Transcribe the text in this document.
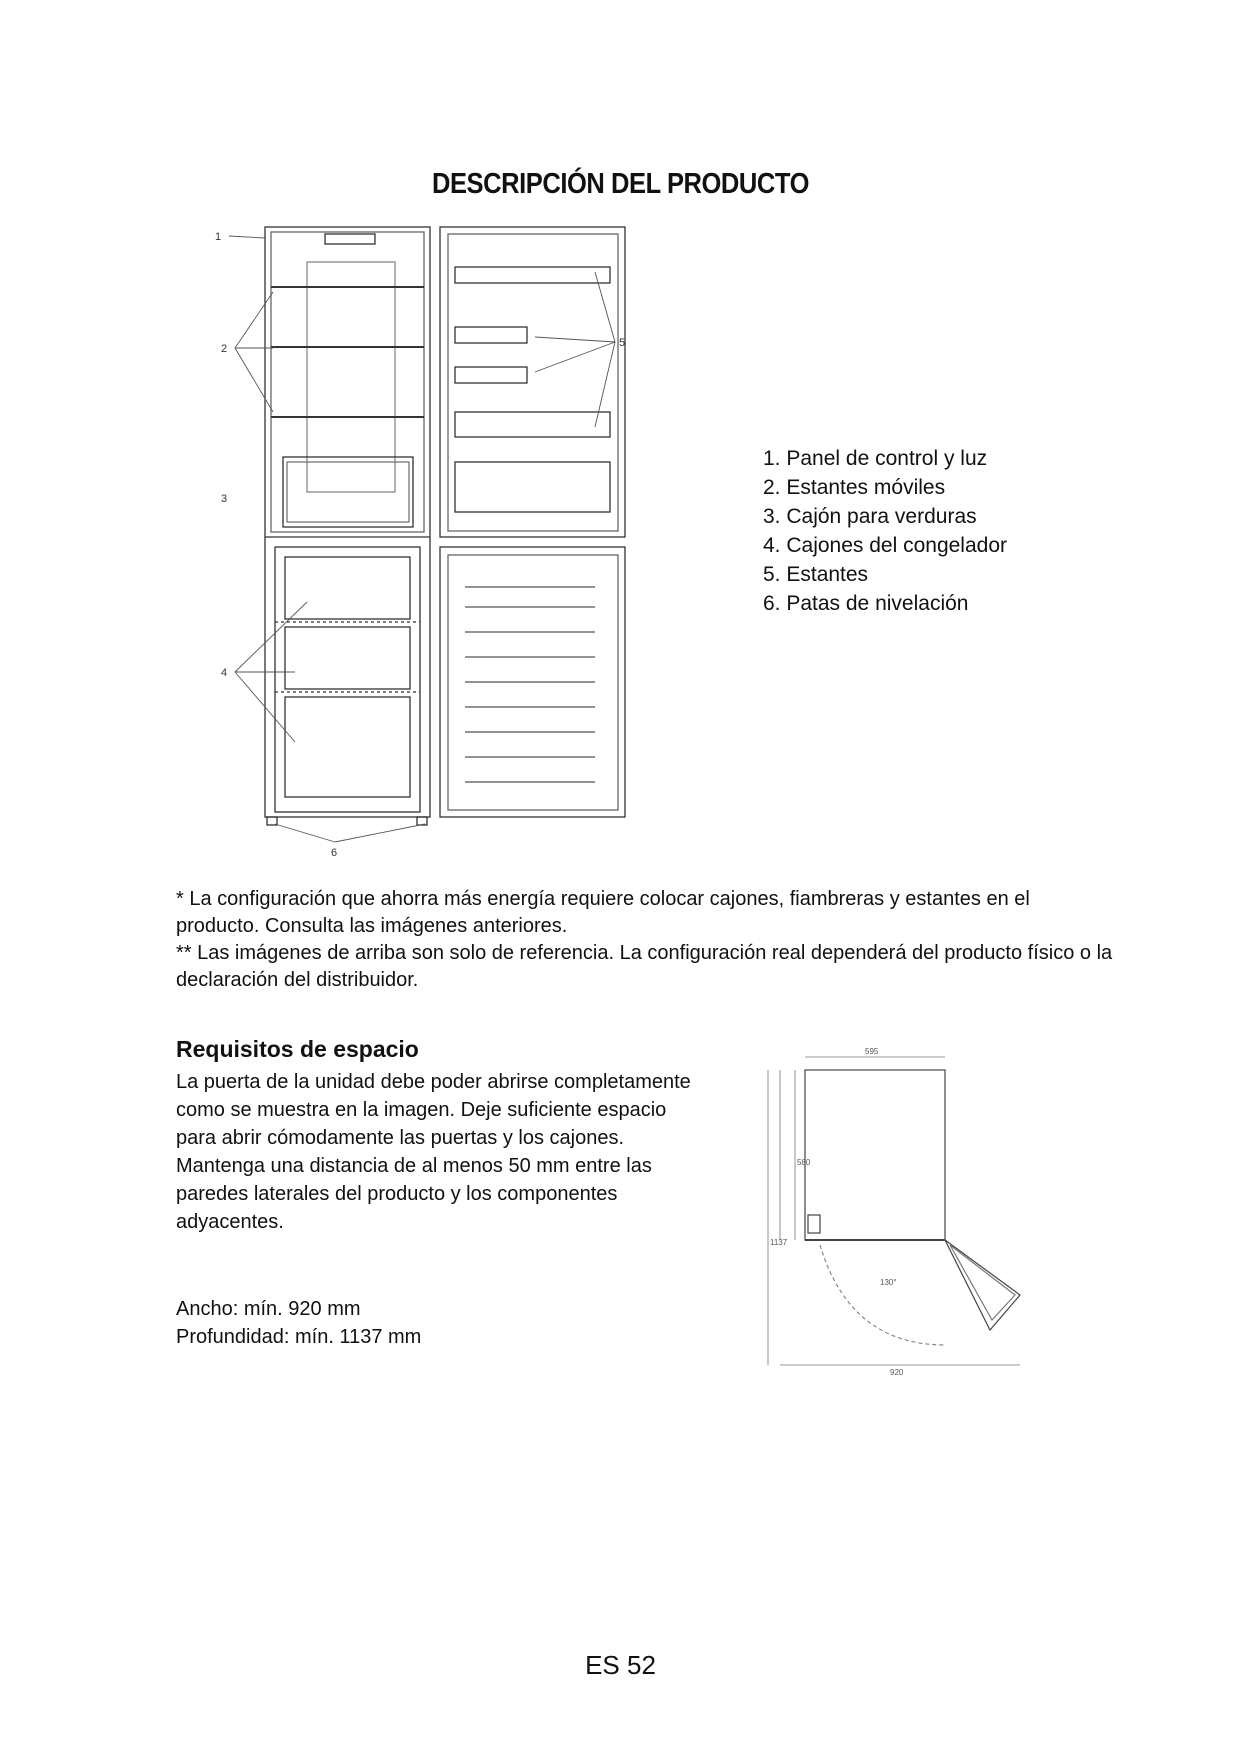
DESCRIPCIÓN DEL PRODUCTO
1
2
3
4
5
6
1. Panel de control y luz
2. Estantes móviles
3. Cajón para verduras
4. Cajones del congelador
5. Estantes
6. Patas de nivelación

* La configuración que ahorra más energía requiere colocar cajones, fiambreras y estantes en el producto. Consulta las imágenes anteriores.

** Las imágenes de arriba son solo de referencia. La configuración real dependerá del producto físico o la declaración del distribuidor.

Requisitos de espacio

La puerta de la unidad debe poder abrirse completamente como se muestra en la imagen. Deje suficiente espacio para abrir cómodamente las puertas y los cajones.

Mantenga una distancia de al menos 50 mm entre las paredes laterales del producto y los componentes adyacentes.

Ancho: mín. 920 mm

Profundidad: mín. 1137 mm

595
580
1137
130°
920
ES 52
